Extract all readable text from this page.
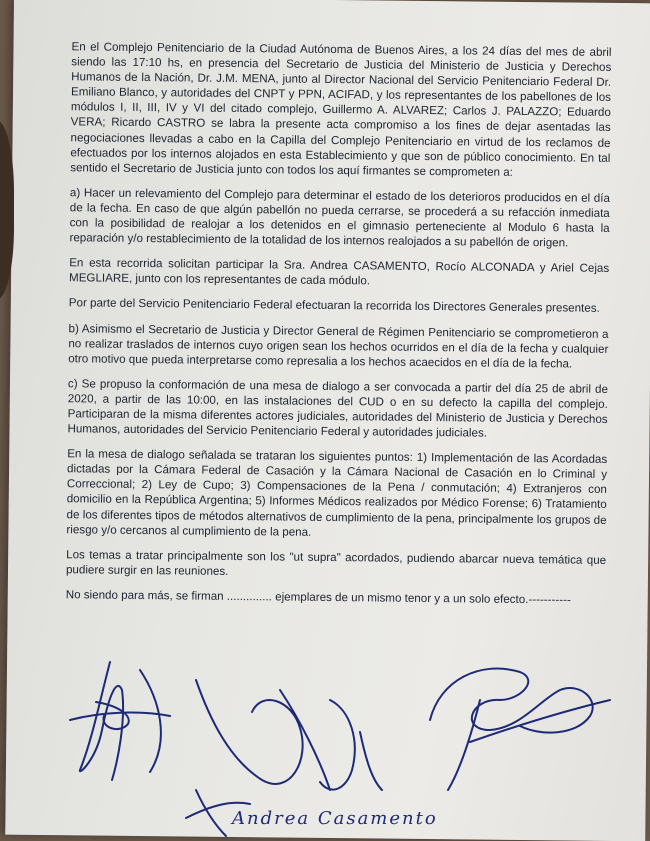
En el Complejo Penitenciario de la Ciudad Autónoma de Buenos Aires, a los 24 días del mes de abril siendo las 17:10 hs, en presencia del Secretario de Justicia del Ministerio de Justicia y Derechos Humanos de la Nación, Dr. J.M. MENA, junto al Director Nacional del Servicio Penitenciario Federal Dr. Emiliano Blanco, y autoridades del CNPT y PPN, ACIFAD, y los representantes de los pabellones de los módulos I, II, III, IV y VI del citado complejo, Guillermo A. ALVAREZ; Carlos J. PALAZZO; Eduardo VERA; Ricardo CASTRO se labra la presente acta compromiso a los fines de dejar asentadas las negociaciones llevadas a cabo en la Capilla del Complejo Penitenciario en virtud de los reclamos de efectuados por los internos alojados en esta Establecimiento y que son de público conocimiento. En tal sentido el Secretario de Justicia junto con todos los aquí firmantes se comprometen a:

a) Hacer un relevamiento del Complejo para determinar el estado de los deterioros producidos en el día de la fecha. En caso de que algún pabellón no pueda cerrarse, se procederá a su refacción inmediata con la posibilidad de realojar a los detenidos en el gimnasio perteneciente al Modulo 6 hasta la reparación y/o restablecimiento de la totalidad de los internos realojados a su pabellón de origen.

En esta recorrida solicitan participar la Sra. Andrea CASAMENTO, Rocío ALCONADA y Ariel Cejas MEGLIARE, junto con los representantes de cada módulo.

Por parte del Servicio Penitenciario Federal efectuaran la recorrida los Directores Generales presentes.

b) Asimismo el Secretario de Justicia y Director General de Régimen Penitenciario se comprometieron a no realizar traslados de internos cuyo origen sean los hechos ocurridos en el día de la fecha y cualquier otro motivo que pueda interpretarse como represalia a los hechos acaecidos en el día de la fecha.

c) Se propuso la conformación de una mesa de dialogo a ser convocada a partir del día 25 de abril de 2020, a partir de las 10:00, en las instalaciones del CUD o en su defecto la capilla del complejo. Participaran de la misma diferentes actores judiciales, autoridades del Ministerio de Justicia y Derechos Humanos, autoridades del Servicio Penitenciario Federal y autoridades judiciales.

En la mesa de dialogo señalada se trataran los siguientes puntos: 1) Implementación de las Acordadas dictadas por la Cámara Federal de Casación y la Cámara Nacional de Casación en lo Criminal y Correccional; 2) Ley de Cupo; 3) Compensaciones de la Pena / conmutación; 4) Extranjeros con domicilio en la República Argentina; 5) Informes Médicos realizados por Médico Forense; 6) Tratamiento de los diferentes tipos de métodos alternativos de cumplimiento de la pena, principalmente los grupos de riesgo y/o cercanos al cumplimiento de la pena.

Los temas a tratar principalmente son los "ut supra" acordados, pudiendo abarcar nueva temática que pudiere surgir en las reuniones.

No siendo para más, se firman .............. ejemplares de un mismo tenor y a un solo efecto.-----------

Andrea Casamento
